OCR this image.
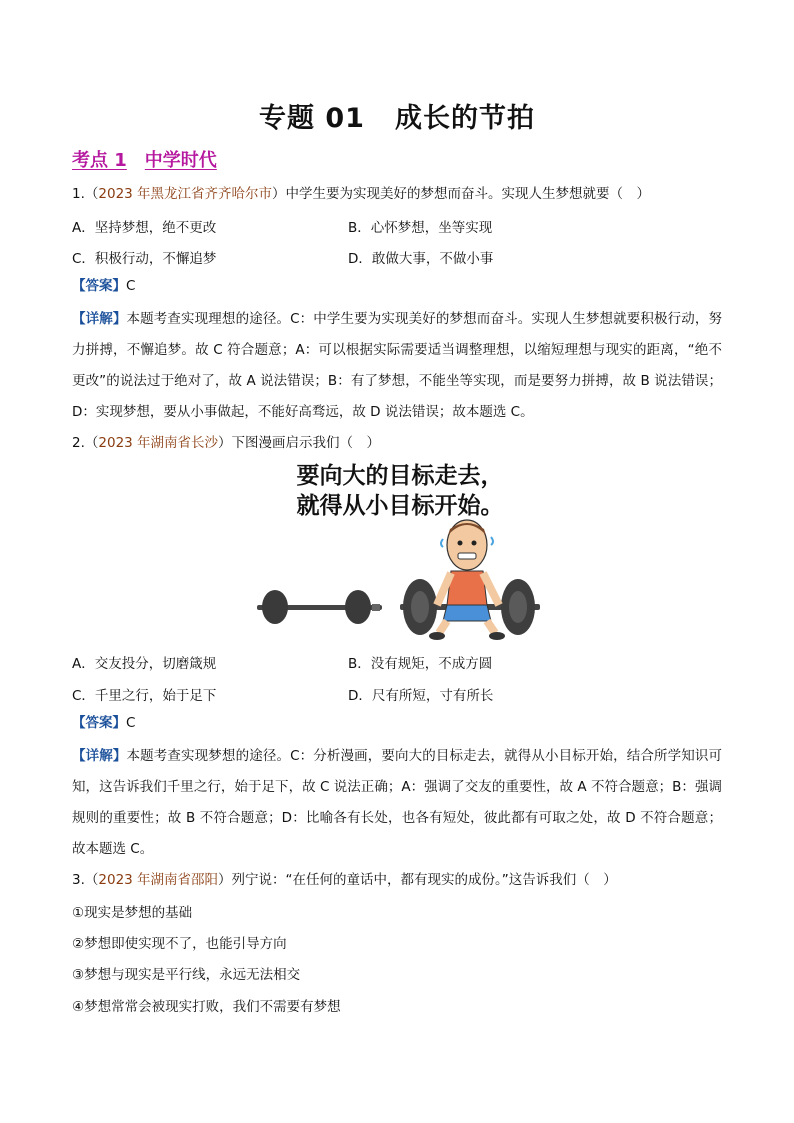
专题 01 成长的节拍
考点 1 中学时代
1.（2023 年黑龙江省齐齐哈尔市）中学生要为实现美好的梦想而奋斗。实现人生梦想就要（　）
A．坚持梦想，绝不更改	B．心怀梦想，坐等实现
C．积极行动，不懈追梦	D．敢做大事，不做小事
【答案】C
【详解】本题考查实现理想的途径。C：中学生要为实现美好的梦想而奋斗。实现人生梦想就要积极行动，努力拼搏，不懈追梦。故 C 符合题意；A：可以根据实际需要适当调整理想，以缩短理想与现实的距离，“绝不更改”的说法过于绝对了，故 A 说法错误；B：有了梦想，不能坐等实现，而是要努力拼搏，故 B 说法错误；D：实现梦想，要从小事做起，不能好高骛远，故 D 说法错误；故本题选 C。
2.（2023 年湖南省长沙）下图漫画启示我们（　）
要向大的目标走去，
就得从小目标开始。
A．交友投分，切磨箴规	B．没有规矩，不成方圆
C．千里之行，始于足下	D．尺有所短，寸有所长
【答案】C
【详解】本题考查实现梦想的途径。C：分析漫画，要向大的目标走去，就得从小目标开始，结合所学知识可知，这告诉我们千里之行，始于足下，故 C 说法正确；A：强调了交友的重要性，故 A 不符合题意；B：强调规则的重要性；故 B 不符合题意；D：比喻各有长处，也各有短处，彼此都有可取之处，故 D 不符合题意；故本题选 C。
3.（2023 年湖南省邵阳）列宁说：“在任何的童话中，都有现实的成份。”这告诉我们（　）
①现实是梦想的基础
②梦想即使实现不了，也能引导方向
③梦想与现实是平行线，永远无法相交
④梦想常常会被现实打败，我们不需要有梦想
